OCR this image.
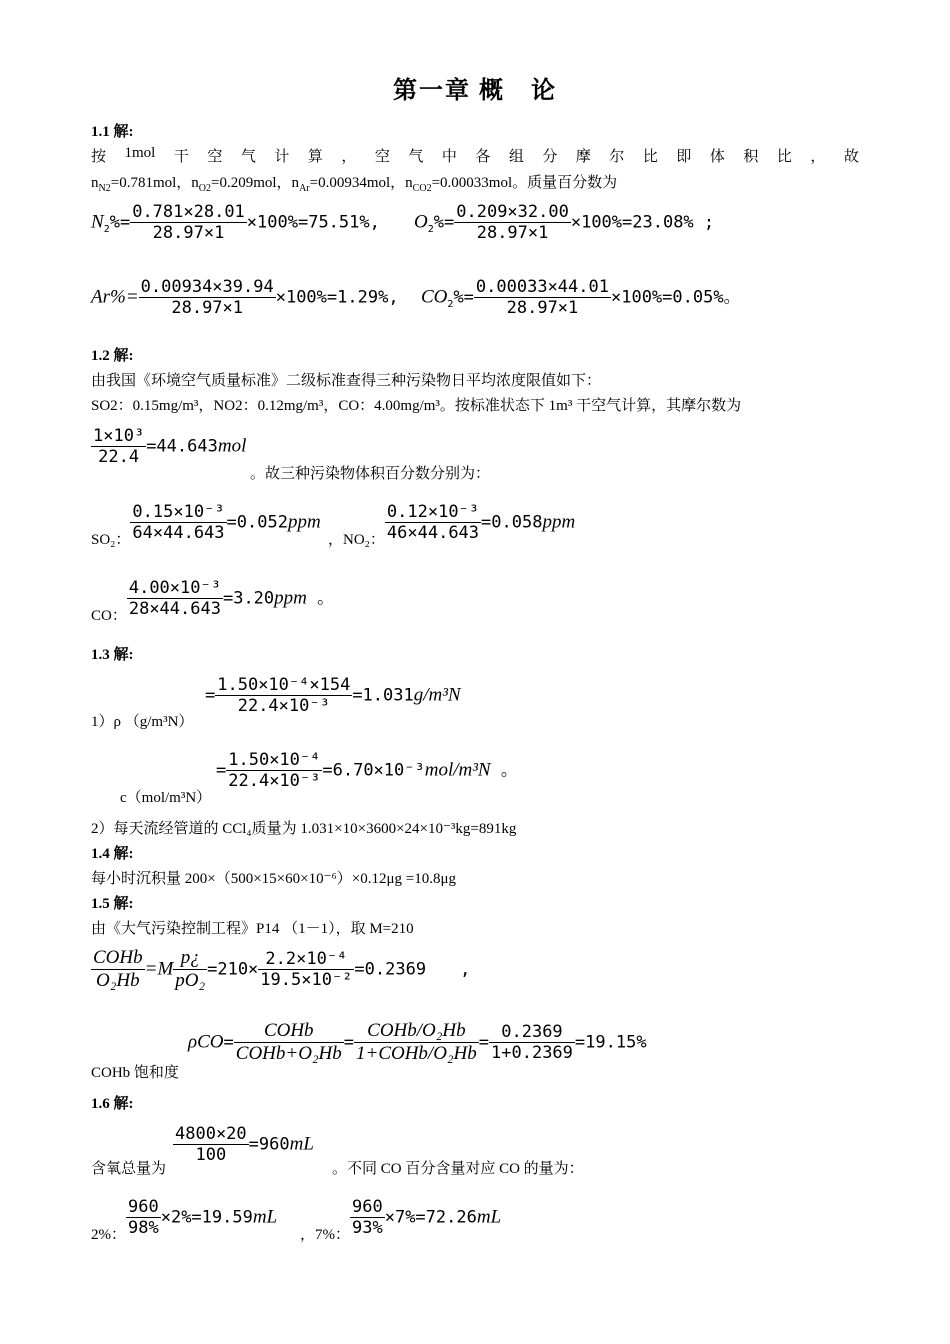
第一章 概　论
1.1 解:
按 1mol 干 空 气 计 算 ， 空 气 中 各 组 分 摩 尔 比 即 体 积 比 ， 故
$n_{N2}=0.781mol$，$n_{O2}=0.209mol$，$n_{Ar}=0.00934mol$，$n_{CO2}=0.00033mol$。质量百分数为
$N_2\%= \frac{0.781\times 28.01}{28.97\times 1} \times 100\%=75.51\%$, $O_2\%= \frac{0.209\times 32.00}{28.97\times 1} \times 100\%=23.08\%$ ;
$Ar\%= \frac{0.00934\times 39.94}{28.97\times 1} \times 100\%=1.29\%$, $CO_2\%= \frac{0.00033\times 44.01}{28.97\times 1} \times 100\%=0.05\%$。
1.2 解:
由我国《环境空气质量标准》二级标准查得三种污染物日平均浓度限值如下：
SO2：0.15mg/m³，NO2：0.12mg/m³，CO：4.00mg/m³。按标准状态下 1m³ 干空气计算，其摩尔数为
$\frac{\text{1×10³}}{22.4} =44.643mol$
。故三种污染物体积百分数分别为：
SO₂： $\frac{\text{0.15×10⁻³}}{64\times 44.643} =0.052ppm$
，NO₂： $\frac{\text{0.12×10⁻³}}{46\times 44.643} =0.058ppm$
CO： $\frac{\text{4.00×10⁻³}}{28\times 44.643} =3.20ppm$ 。
1.3 解:
1）ρ （g/m³N）
= $\frac{\text{1.50×10⁻⁴×154}}{\text{22.4×10⁻³}} =1.031g/m^3N$
c（mol/m³N）
= $\frac{\text{1.50×10⁻⁴}}{\text{22.4×10⁻³}} =6.70\times 10^{-3}mol/m^3N$ 。
2）每天流经管道的 CCl₄质量为 1.031×10×3600×24×10⁻³kg=891kg
1.4 解:
每小时沉积量 200×（500×15×60×10⁻⁶）×0.12μg =10.8μg
1.5 解:
由《大气污染控制工程》P14 （1－1），取 M=210
$\frac{\text{COHb}}{\text{O₂Hb}} =M \frac{p¿}{\text{pO₂}} =210\times \frac{\text{2.2×10⁻⁴}}{\text{19.5×10⁻²}} =0.2369$　　,
COHb 饱和度
$\rho CO= \frac{\text{COHb}}{\text{COHb+O₂Hb}} = \frac{\text{COHb/O₂Hb}}{\text{1+COHb/O₂Hb}} = \frac{0.2369}{1+0.2369} =19.15\%$
1.6 解:
含氧总量为
$\frac{4800\times 20}{100} =960mL$
。不同 CO 百分含量对应 CO 的量为：
2%： $\frac{960}{98\%} \times 2\%=19.59mL$
，7%： $\frac{960}{93\%} \times 7\%=72.26mL$
